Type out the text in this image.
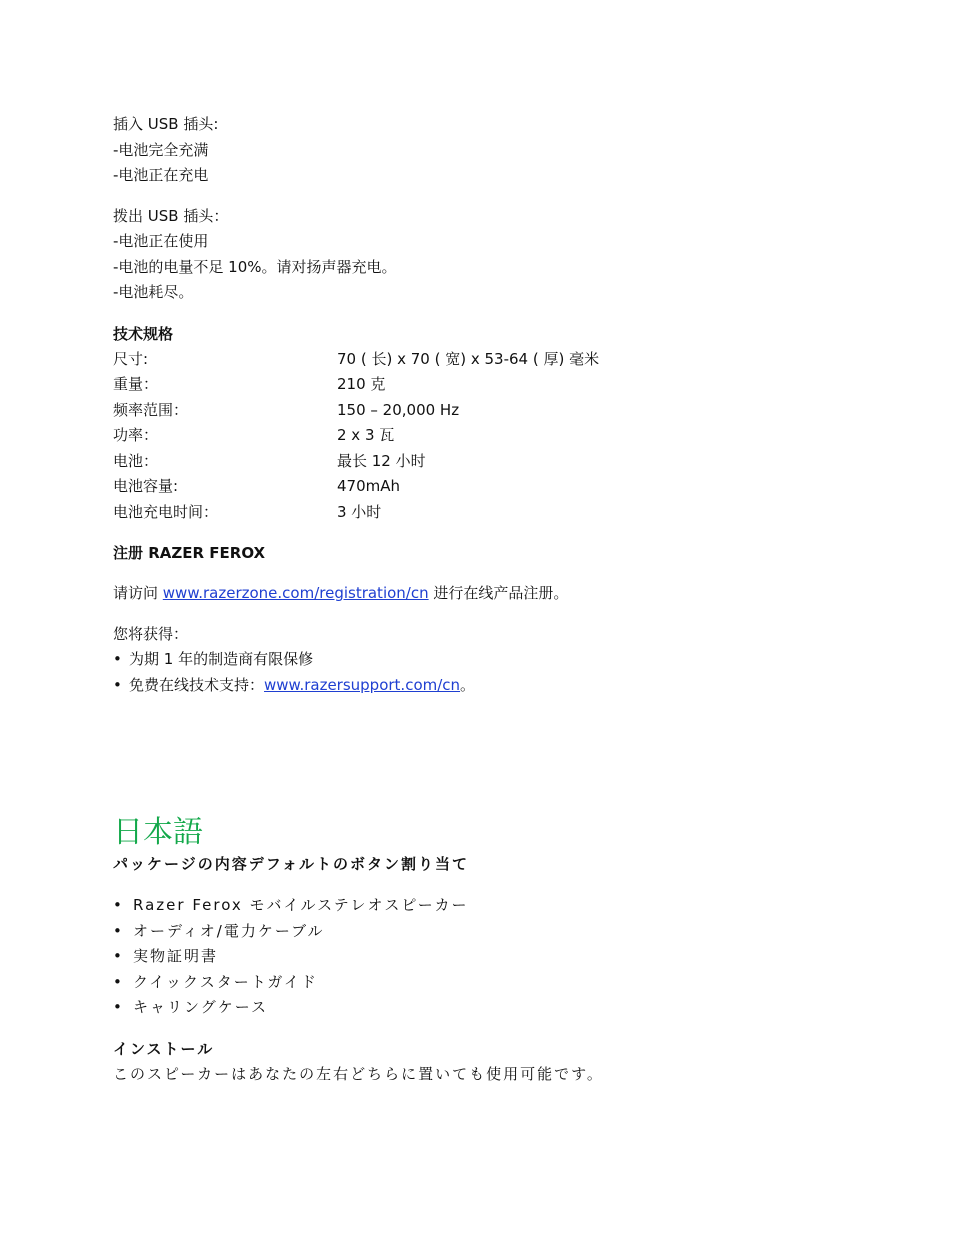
插入 USB 插头:
-电池完全充满
-电池正在充电
拨出 USB 插头：
-电池正在使用
-电池的电量不足 10%。请对扬声器充电。
-电池耗尽。
技术规格
尺寸:	70 ( 长) x 70 ( 宽) x 53-64 ( 厚) 毫米
重量：	210 克
频率范围：	150 – 20,000 Hz
功率：	2 x 3 瓦
电池：	最长 12 小时
电池容量:	470mAh
电池充电时间：	3 小时
注册 RAZER FEROX
请访问 www.razerzone.com/registration/cn 进行在线产品注册。
您将获得：
• 为期 1 年的制造商有限保修
• 免费在线技术支持： www.razersupport.com/cn 。
日本語
パッケージの内容デフォルトのボタン割り当て
• Razer Ferox モバイルステレオスピーカー
• オーディオ/電力ケーブル
• 実物証明書
• クイックスタートガイド
• キャリングケース
インストール
このスピーカーはあなたの左右どちらに置いても使用可能です。
